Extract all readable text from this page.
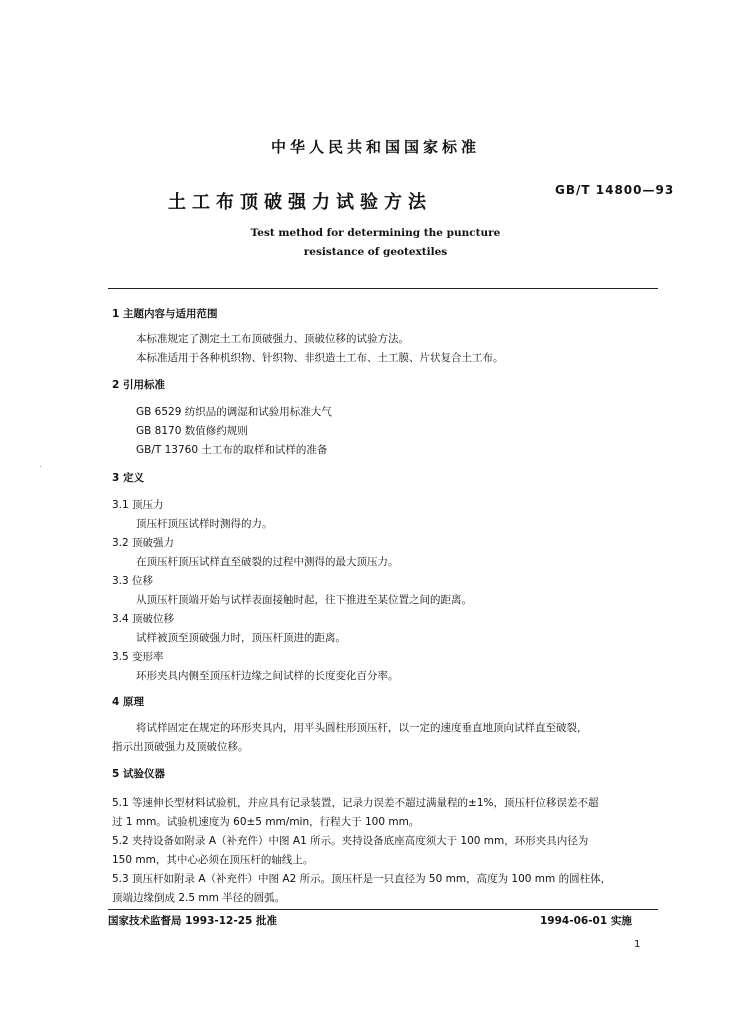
中华人民共和国国家标准
土工布顶破强力试验方法
GB/T 14800—93
Test method for determining the puncture
resistance of geotextiles
1 主题内容与适用范围
本标准规定了测定土工布顶破强力、顶破位移的试验方法。
本标准适用于各种机织物、针织物、非织造土工布、土工膜、片状复合土工布。
2 引用标准
GB 6529 纺织品的调湿和试验用标准大气
GB 8170 数值修约规则
GB/T 13760 土工布的取样和试样的准备
3 定义
3.1 顶压力
顶压杆顶压试样时测得的力。
3.2 顶破强力
在顶压杆顶压试样直至破裂的过程中测得的最大顶压力。
3.3 位移
从顶压杆顶端开始与试样表面接触时起，往下推进至某位置之间的距离。
3.4 顶破位移
试样被顶至顶破强力时，顶压杆顶进的距离。
3.5 变形率
环形夹具内侧至顶压杆边缘之间试样的长度变化百分率。
4 原理
将试样固定在规定的环形夹具内，用平头圆柱形顶压杆，以一定的速度垂直地顶向试样直至破裂，
指示出顶破强力及顶破位移。
5 试验仪器
5.1 等速伸长型材料试验机，并应具有记录装置，记录力误差不超过满量程的±1%，顶压杆位移误差不超
过 1 mm。试验机速度为 60±5 mm/min，行程大于 100 mm。
5.2 夹持设备如附录 A（补充件）中图 A1 所示。夹持设备底座高度须大于 100 mm，环形夹具内径为
150 mm，其中心必须在顶压杆的轴线上。
5.3 顶压杆如附录 A（补充件）中图 A2 所示。顶压杆是一只直径为 50 mm，高度为 100 mm 的圆柱体，
顶端边缘倒成 2.5 mm 半径的圆弧。
国家技术监督局 1993-12-25 批准	1994-06-01 实施
1
